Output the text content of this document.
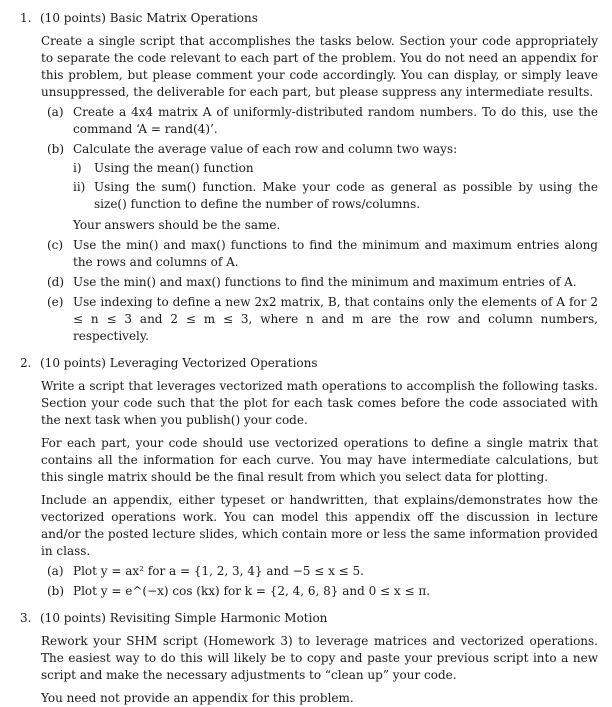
1. (10 points) Basic Matrix Operations
Create a single script that accomplishes the tasks below. Section your code appropriately to separate the code relevant to each part of the problem. You do not need an appendix for this problem, but please comment your code accordingly. You can display, or simply leave unsuppressed, the deliverable for each part, but please suppress any intermediate results.
(a) Create a 4x4 matrix A of uniformly-distributed random numbers. To do this, use the command ‘A = rand(4)’.
(b) Calculate the average value of each row and column two ways:
i) Using the mean() function
ii) Using the sum() function. Make your code as general as possible by using the size() function to define the number of rows/columns.
Your answers should be the same.
(c) Use the min() and max() functions to find the minimum and maximum entries along the rows and columns of A.
(d) Use the min() and max() functions to find the minimum and maximum entries of A.
(e) Use indexing to define a new 2x2 matrix, B, that contains only the elements of A for 2 ≤ n ≤ 3 and 2 ≤ m ≤ 3, where n and m are the row and column numbers, respectively.
2. (10 points) Leveraging Vectorized Operations
Write a script that leverages vectorized math operations to accomplish the following tasks. Section your code such that the plot for each task comes before the code associated with the next task when you publish() your code.
For each part, your code should use vectorized operations to define a single matrix that contains all the information for each curve. You may have intermediate calculations, but this single matrix should be the final result from which you select data for plotting.
Include an appendix, either typeset or handwritten, that explains/demonstrates how the vectorized operations work. You can model this appendix off the discussion in lecture and/or the posted lecture slides, which contain more or less the same information provided in class.
(a) Plot y = ax² for a = {1, 2, 3, 4} and −5 ≤ x ≤ 5.
(b) Plot y = e^(−x) cos (kx) for k = {2, 4, 6, 8} and 0 ≤ x ≤ π.
3. (10 points) Revisiting Simple Harmonic Motion
Rework your SHM script (Homework 3) to leverage matrices and vectorized operations. The easiest way to do this will likely be to copy and paste your previous script into a new script and make the necessary adjustments to “clean up” your code.
You need not provide an appendix for this problem.
